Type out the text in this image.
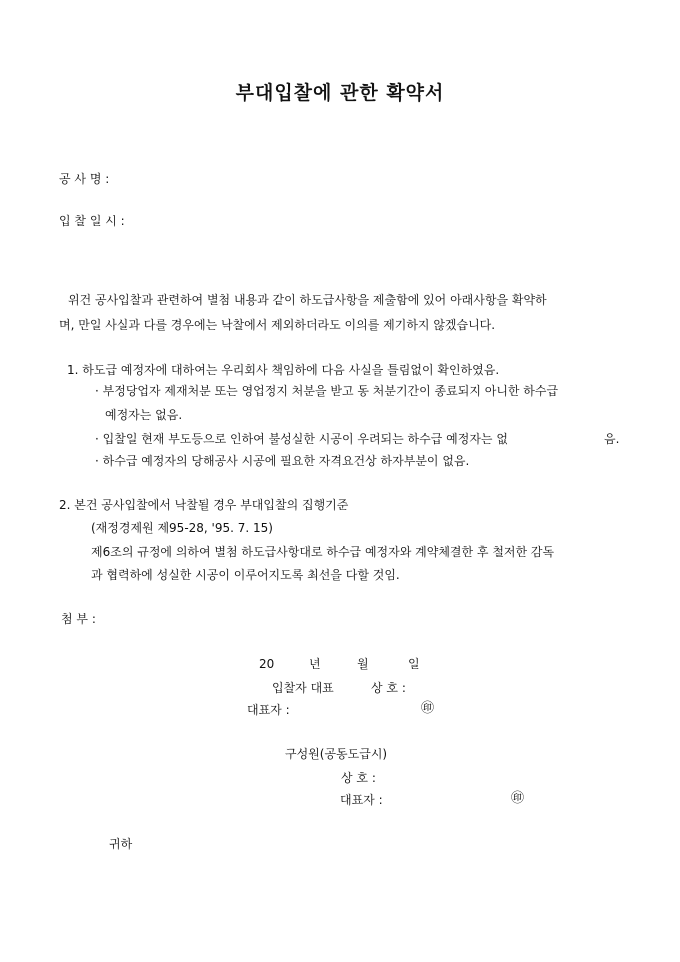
부대입찰에 관한 확약서
공 사 명 :
입 찰 일 시 :
위건 공사입찰과 관련하여 별첨 내용과 같이 하도급사항을 제출함에 있어 아래사항을 확약하
며, 만일 사실과 다를 경우에는 낙찰에서 제외하더라도 이의를 제기하지 않겠습니다.
1. 하도급 예정자에 대하여는 우리회사 책임하에 다음 사실을 틀림없이 확인하였음.
· 부정당업자 제재처분 또는 영업정지 처분을 받고 동 처분기간이 종료되지 아니한 하수급
예정자는 없음.
· 입찰일 현재 부도등으로 인하여 불성실한 시공이 우려되는 하수급 예정자는 없	음.
· 하수급 예정자의 당해공사 시공에 필요한 자격요건상 하자부분이 없음.
2. 본건 공사입찰에서 낙찰될 경우 부대입찰의 집행기준
(재정경제원 제95-28, '95. 7. 15)
제6조의 규정에 의하여 별첨 하도급사항대로 하수급 예정자와 계약체결한 후 철저한 감독
과 협력하에 성실한 시공이 이루어지도록 최선을 다할 것임.
첨 부 :
20	년	월	일
입찰자 대표	상 호 :
대표자 :	㊞
구성원(공동도급시)
상 호 :
대표자 :	㊞
귀하
